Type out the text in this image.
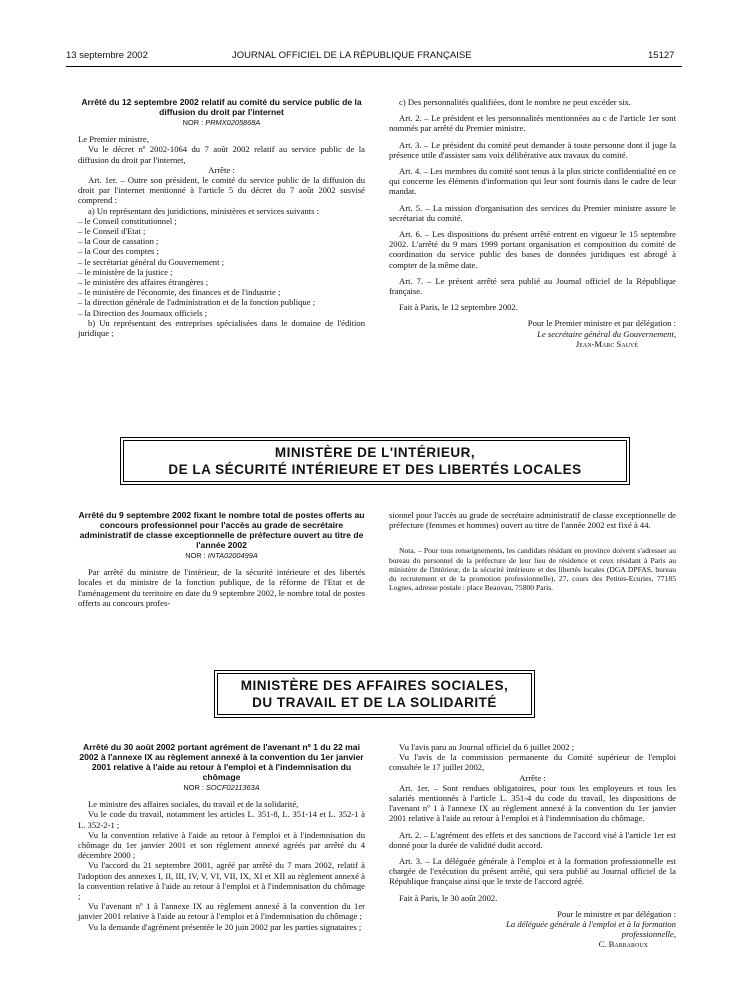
13 septembre 2002	JOURNAL OFFICIEL DE LA RÉPUBLIQUE FRANÇAISE	15127

Arrêté du 12 septembre 2002 relatif au comité du service public de la diffusion du droit par l'internet

NOR : PRMX0205868A

Le Premier ministre,

Vu le décret nº 2002-1064 du 7 août 2002 relatif au service public de la diffusion du droit par l'internet,

Arrête :

Art. 1er. – Outre son président, le comité du service public de la diffusion du droit par l'internet mentionné à l'article 5 du décret du 7 août 2002 susvisé comprend :

a) Un représentant des juridictions, ministères et services suivants :

– le Conseil constitutionnel ;

– le Conseil d'Etat ;

– la Cour de cassation ;

– la Cour des comptes ;

– le secrétariat général du Gouvernement ;

– le ministère de la justice ;

– le ministère des affaires étrangères ;

– le ministère de l'économie, des finances et de l'industrie ;

– la direction générale de l'administration et de la fonction publique ;

– la Direction des Journaux officiels ;

b) Un représentant des entreprises spécialisées dans le domaine de l'édition juridique ;

c) Des personnalités qualifiées, dont le nombre ne peut excéder six.

Art. 2. – Le président et les personnalités mentionnées au c de l'article 1er sont nommés par arrêté du Premier ministre.

Art. 3. – Le président du comité peut demander à toute personne dont il juge la présence utile d'assister sans voix délibérative aux travaux du comité.

Art. 4. – Les membres du comité sont tenus à la plus stricte confidentialité en ce qui concerne les éléments d'information qui leur sont fournis dans le cadre de leur mandat.

Art. 5. – La mission d'organisation des services du Premier ministre assure le secrétariat du comité.

Art. 6. – Les dispositions du présent arrêté entrent en vigueur le 15 septembre 2002. L'arrêté du 9 mars 1999 portant organisation et composition du comité de coordination du service public des bases de données juridiques est abrogé à compter de la même date.

Art. 7. – Le présent arrêté sera publié au Journal officiel de la République française.

Fait à Paris, le 12 septembre 2002.

Pour le Premier ministre et par délégation :

Le secrétaire général du Gouvernement,

Jean-Marc Sauvé

MINISTÈRE DE L'INTÉRIEUR,
DE LA SÉCURITÉ INTÉRIEURE ET DES LIBERTÉS LOCALES

Arrêté du 9 septembre 2002 fixant le nombre total de postes offerts au concours professionnel pour l'accès au grade de secrétaire administratif de classe exceptionnelle de préfecture ouvert au titre de l'année 2002

NOR : INTA0200499A

Par arrêté du ministre de l'intérieur, de la sécurité intérieure et des libertés locales et du ministre de la fonction publique, de la réforme de l'Etat et de l'aménagement du territoire en date du 9 septembre 2002, le nombre total de postes offerts au concours profes-

sionnel pour l'accès au grade de secrétaire administratif de classe exceptionnelle de préfecture (femmes et hommes) ouvert au titre de l'année 2002 est fixé à 44.

Nota. – Pour tous renseignements, les candidats résidant en province doivent s'adresser au bureau du personnel de la préfecture de leur lieu de résidence et ceux résidant à Paris au ministère de l'intérieur, de la sécurité intérieure et des libertés locales (DGA DPFAS, bureau du recrutement et de la promotion professionnelle), 27, cours des Petites-Ecuries, 77185 Lognes, adresse postale : place Beauvau, 75800 Paris.

MINISTÈRE DES AFFAIRES SOCIALES,
DU TRAVAIL ET DE LA SOLIDARITÉ

Arrêté du 30 août 2002 portant agrément de l'avenant nº 1 du 22 mai 2002 à l'annexe IX au règlement annexé à la convention du 1er janvier 2001 relative à l'aide au retour à l'emploi et à l'indemnisation du chômage

NOR : SOCF0211363A

Le ministre des affaires sociales, du travail et de la solidarité,

Vu le code du travail, notamment les articles L. 351-8, L. 351-14 et L. 352-1 à L. 352-2-1 ;

Vu la convention relative à l'aide au retour à l'emploi et à l'indemnisation du chômage du 1er janvier 2001 et son règlement annexé agréés par arrêté du 4 décembre 2000 ;

Vu l'accord du 21 septembre 2001, agréé par arrêté du 7 mars 2002, relatif à l'adoption des annexes I, II, III, IV, V, VI, VII, IX, XI et XII au règlement annexé à la convention relative à l'aide au retour à l'emploi et à l'indemnisation du chômage ;

Vu l'avenant nº 1 à l'annexe IX au règlement annexé à la convention du 1er janvier 2001 relative à l'aide au retour à l'emploi et à l'indemnisation du chômage ;

Vu la demande d'agrément présentée le 20 juin 2002 par les parties signataires ;

Vu l'avis paru au Journal officiel du 6 juillet 2002 ;

Vu l'avis de la commission permanente du Comité supérieur de l'emploi consultée le 17 juillet 2002,

Arrête :

Art. 1er. – Sont rendues obligatoires, pour tous les employeurs et tous les salariés mentionnés à l'article L. 351-4 du code du travail, les dispositions de l'avenant nº 1 à l'annexe IX au règlement annexé à la convention du 1er janvier 2001 relative à l'aide au retour à l'emploi et à l'indemnisation du chômage.

Art. 2. – L'agrément des effets et des sanctions de l'accord visé à l'article 1er est donné pour la durée de validité dudit accord.

Art. 3. – La déléguée générale à l'emploi et à la formation professionnelle est chargée de l'exécution du présent arrêté, qui sera publié au Journal officiel de la République française ainsi que le texte de l'accord agréé.

Fait à Paris, le 30 août 2002.

Pour le ministre et par délégation :

La déléguée générale à l'emploi et à la formation professionnelle,

C. Barbaroux
